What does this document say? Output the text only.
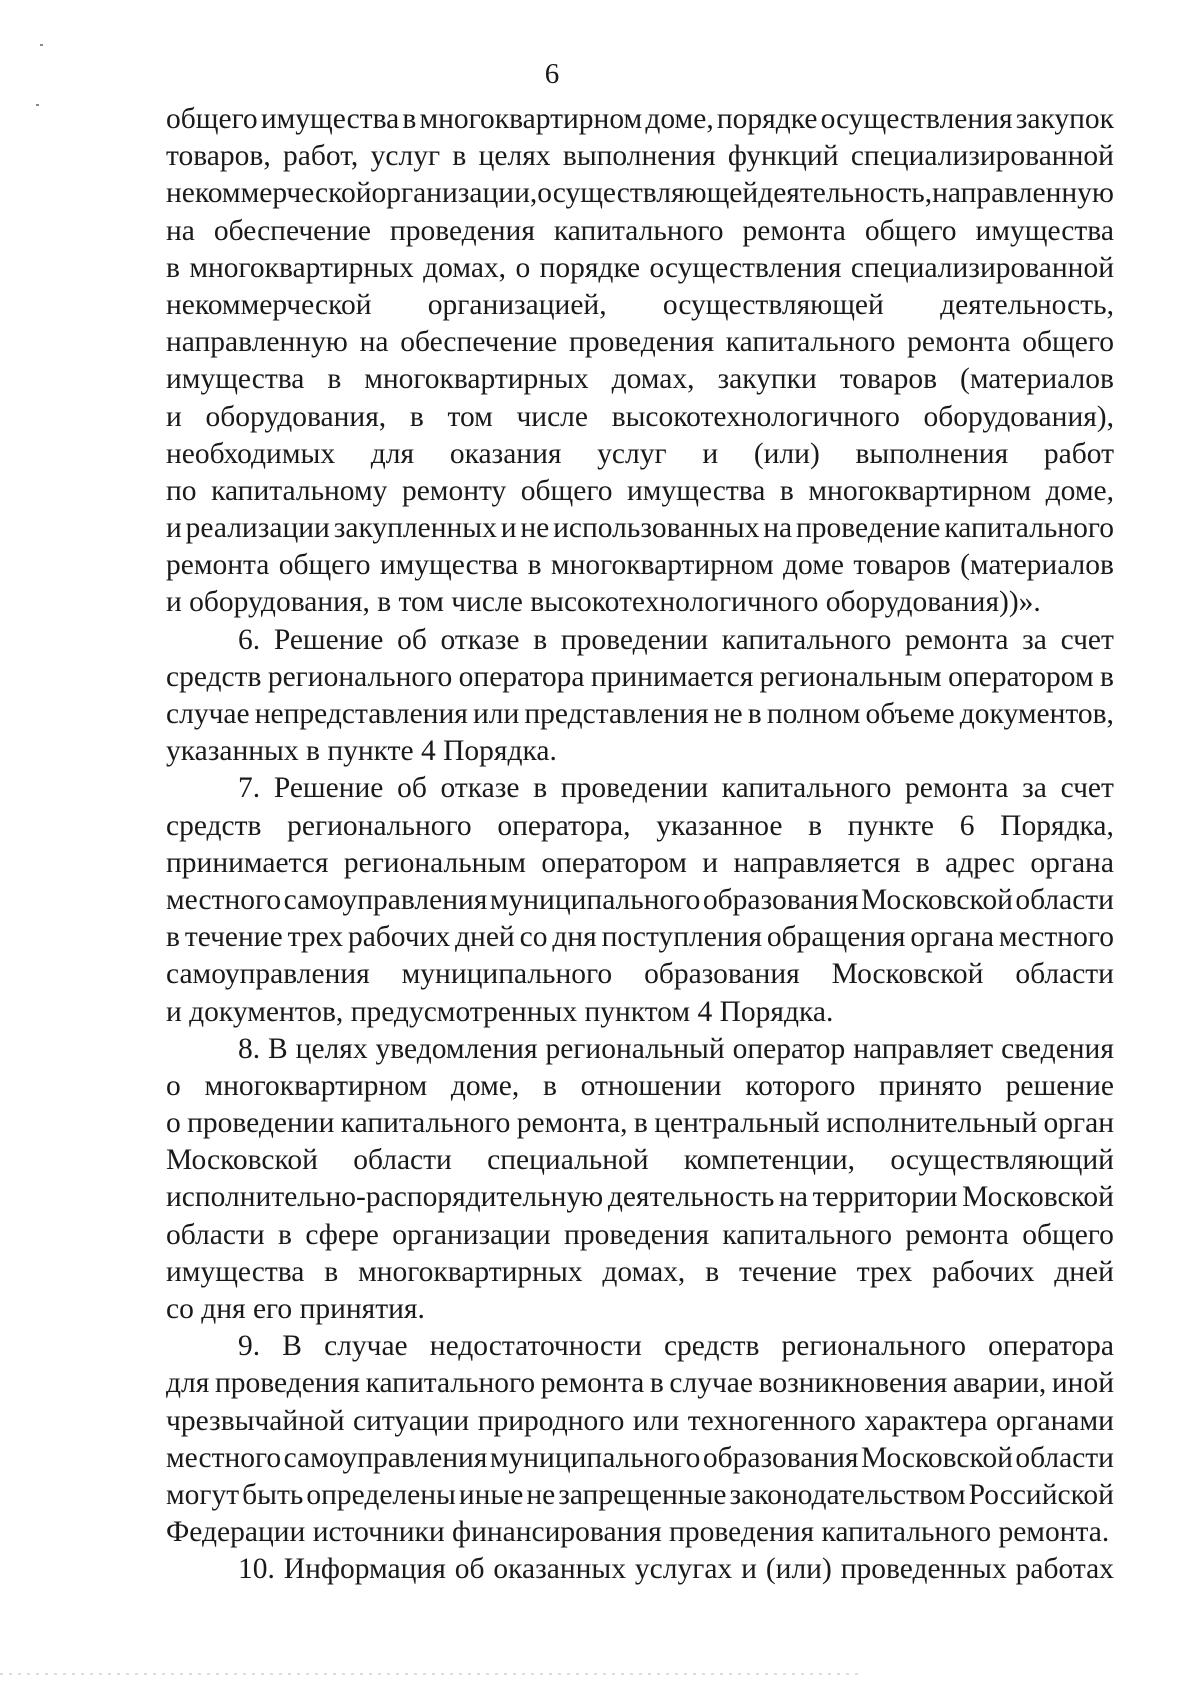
6
общего имущества в многоквартирном доме, порядке осуществления закупок
товаров, работ, услуг в целях выполнения функций специализированной
некоммерческой организации, осуществляющей деятельность, направленную
на обеспечение проведения капитального ремонта общего имущества
в многоквартирных домах, о порядке осуществления специализированной
некоммерческой организацией, осуществляющей деятельность,
направленную на обеспечение проведения капитального ремонта общего
имущества в многоквартирных домах, закупки товаров (материалов
и оборудования, в том числе высокотехнологичного оборудования),
необходимых для оказания услуг и (или) выполнения работ
по капитальному ремонту общего имущества в многоквартирном доме,
и реализации закупленных и не использованных на проведение капитального
ремонта общего имущества в многоквартирном доме товаров (материалов
и оборудования, в том числе высокотехнологичного оборудования))».
6. Решение об отказе в проведении капитального ремонта за счет
средств регионального оператора принимается региональным оператором в
случае непредставления или представления не в полном объеме документов,
указанных в пункте 4 Порядка.
7. Решение об отказе в проведении капитального ремонта за счет
средств регионального оператора, указанное в пункте 6 Порядка,
принимается региональным оператором и направляется в адрес органа
местного самоуправления муниципального образования Московской области
в течение трех рабочих дней со дня поступления обращения органа местного
самоуправления муниципального образования Московской области
и документов, предусмотренных пунктом 4 Порядка.
8. В целях уведомления региональный оператор направляет сведения
о многоквартирном доме, в отношении которого принято решение
о проведении капитального ремонта, в центральный исполнительный орган
Московской области специальной компетенции, осуществляющий
исполнительно-распорядительную деятельность на территории Московской
области в сфере организации проведения капитального ремонта общего
имущества в многоквартирных домах, в течение трех рабочих дней
со дня его принятия.
9. В случае недостаточности средств регионального оператора
для проведения капитального ремонта в случае возникновения аварии, иной
чрезвычайной ситуации природного или техногенного характера органами
местного самоуправления муниципального образования Московской области
могут быть определены иные не запрещенные законодательством Российской
Федерации источники финансирования проведения капитального ремонта.
10. Информация об оказанных услугах и (или) проведенных работах
